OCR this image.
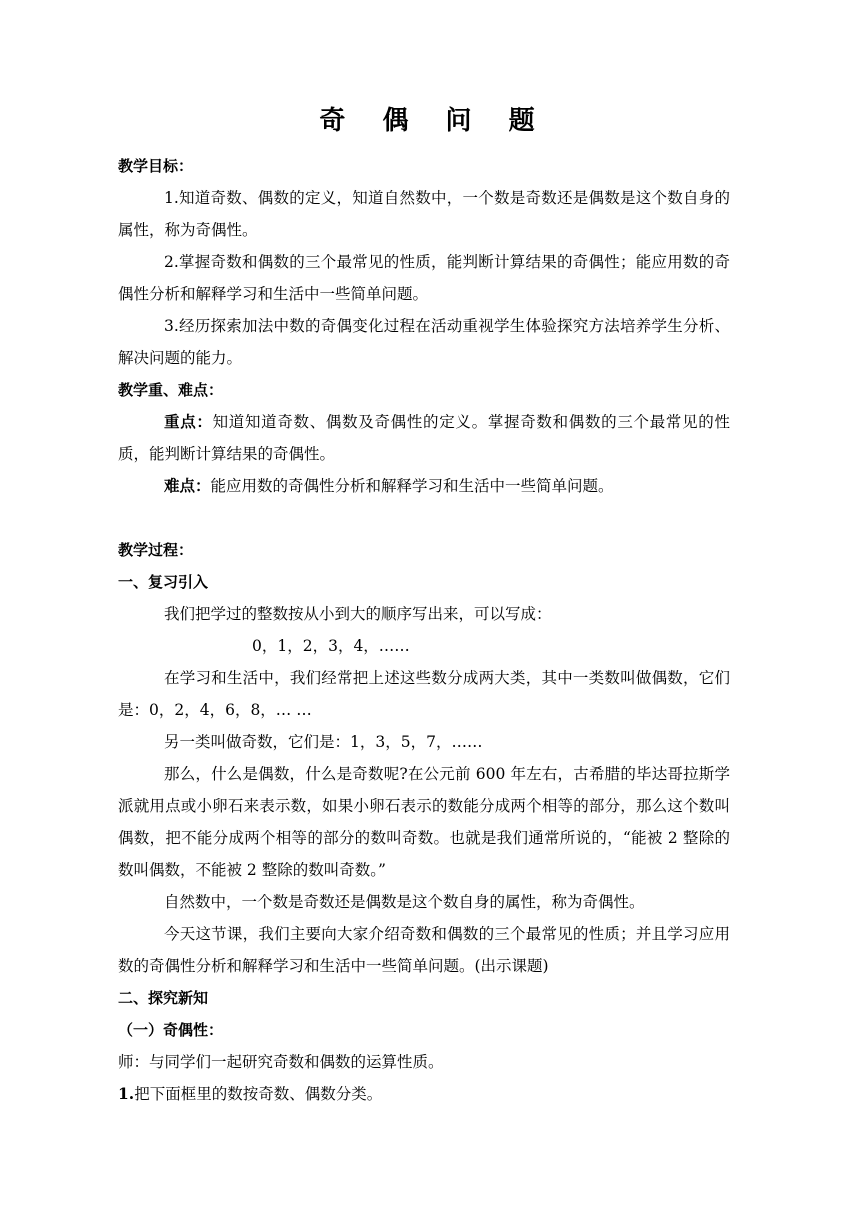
奇 偶 问 题
教学目标：
1.知道奇数、偶数的定义，知道自然数中，一个数是奇数还是偶数是这个数自身的属性，称为奇偶性。
2.掌握奇数和偶数的三个最常见的性质，能判断计算结果的奇偶性；能应用数的奇偶性分析和解释学习和生活中一些简单问题。
3.经历探索加法中数的奇偶变化过程在活动重视学生体验探究方法培养学生分析、解决问题的能力。
教学重、难点：
重点：知道知道奇数、偶数及奇偶性的定义。掌握奇数和偶数的三个最常见的性质，能判断计算结果的奇偶性。
难点：能应用数的奇偶性分析和解释学习和生活中一些简单问题。
教学过程：
一、复习引入
我们把学过的整数按从小到大的顺序写出来，可以写成：
0，1，2，3，4，……
在学习和生活中，我们经常把上述这些数分成两大类，其中一类数叫做偶数，它们是：0，2，4，6，8，… …
另一类叫做奇数，它们是：1，3，5，7，……
那么，什么是偶数，什么是奇数呢?在公元前 600 年左右，古希腊的毕达哥拉斯学派就用点或小卵石来表示数，如果小卵石表示的数能分成两个相等的部分，那么这个数叫偶数，把不能分成两个相等的部分的数叫奇数。也就是我们通常所说的，“能被 2 整除的数叫偶数，不能被 2 整除的数叫奇数。”
自然数中，一个数是奇数还是偶数是这个数自身的属性，称为奇偶性。
今天这节课，我们主要向大家介绍奇数和偶数的三个最常见的性质；并且学习应用数的奇偶性分析和解释学习和生活中一些简单问题。(出示课题)
二、探究新知
（一）奇偶性：
师：与同学们一起研究奇数和偶数的运算性质。
1.把下面框里的数按奇数、偶数分类。
